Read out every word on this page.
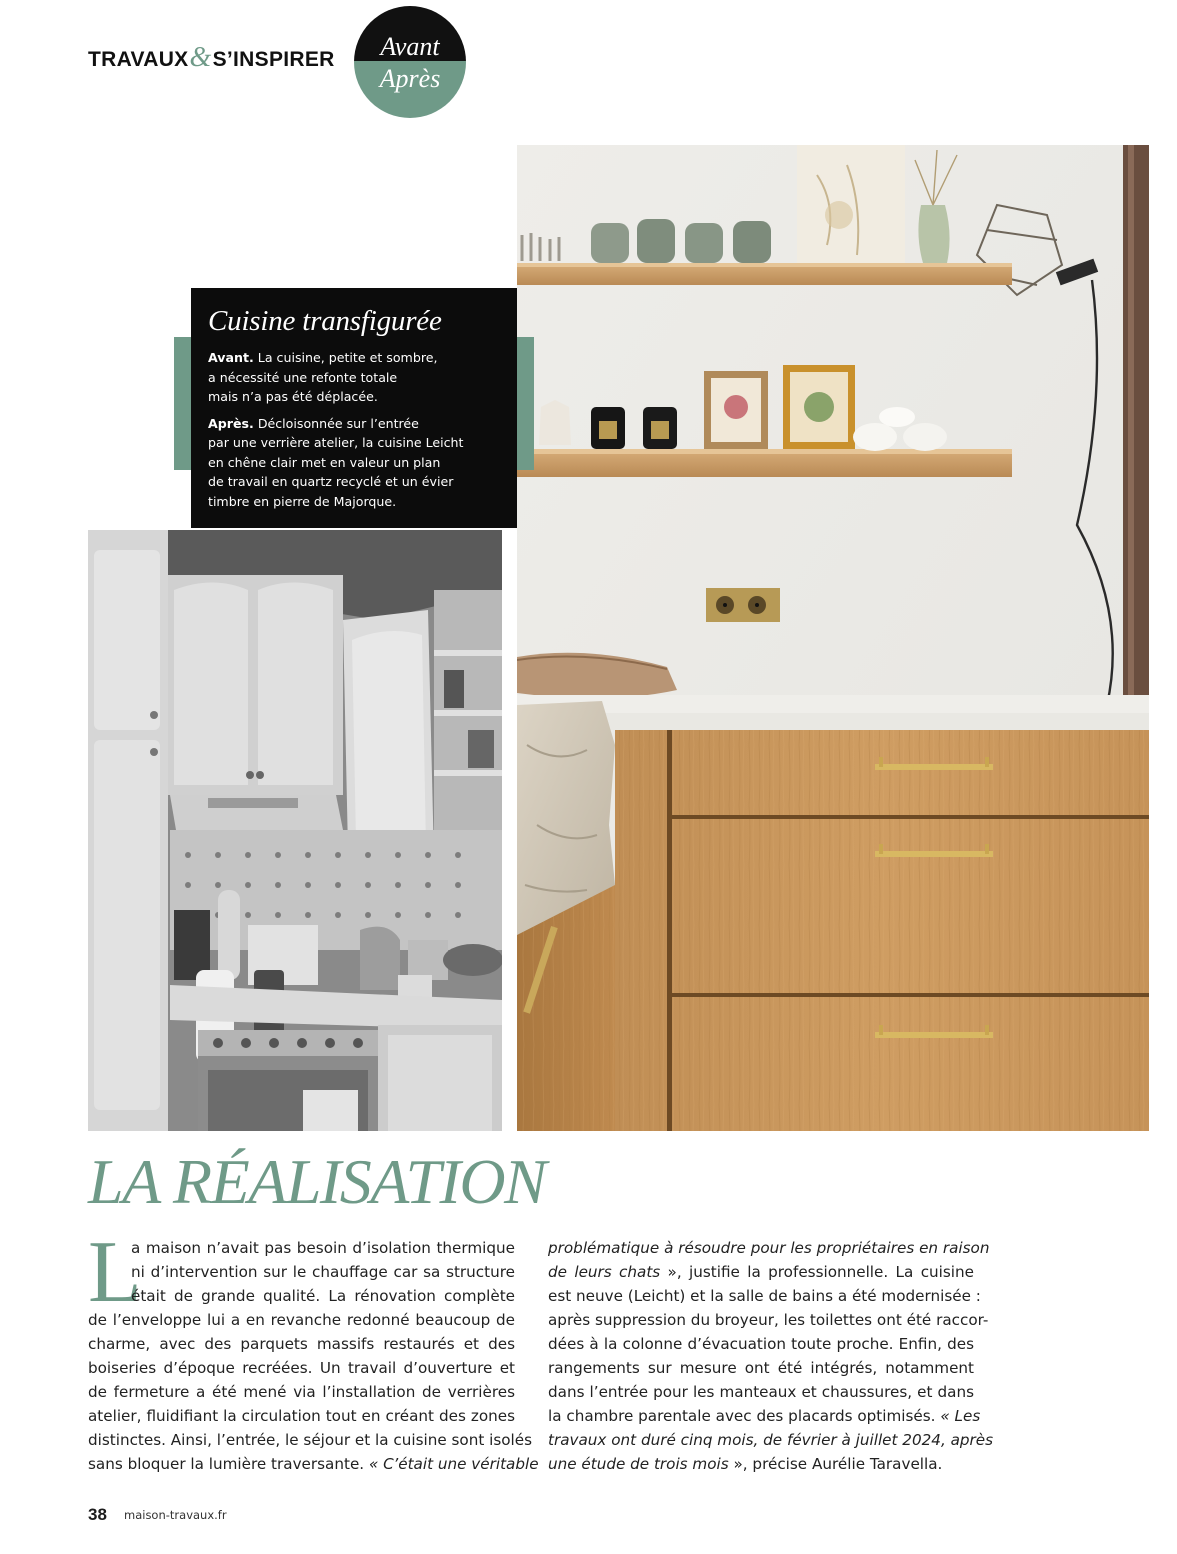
TRAVAUX&S’INSPIRER	Avant
Après
Cuisine transfigurée

Avant. La cuisine, petite et sombre,
a nécessité une refonte totale
mais n’a pas été déplacée.

Après. Décloisonnée sur l’entrée
par une verrière atelier, la cuisine Leicht
en chêne clair met en valeur un plan
de travail en quartz recyclé et un évier
timbre en pierre de Majorque.

LA RÉALISATION
L
a maison n’avait pas besoin d’isolation thermique
ni d’intervention sur le chauffage car sa structure
était de grande qualité. La rénovation complète
de l’enveloppe lui a en revanche redonné beaucoup de
charme, avec des parquets massifs restaurés et des
boiseries d’époque recréées. Un travail d’ouverture et
de fermeture a été mené via l’installation de verrières
atelier, fluidifiant la circulation tout en créant des zones
distinctes. Ainsi, l’entrée, le séjour et la cuisine sont isolés
sans bloquer la lumière traversante. « C’était une véritable
problématique à résoudre pour les propriétaires en raison
de leurs chats », justifie la professionnelle. La cuisine
est neuve (Leicht) et la salle de bains a été modernisée :
après suppression du broyeur, les toilettes ont été raccor-
dées à la colonne d’évacuation toute proche. Enfin, des
rangements sur mesure ont été intégrés, notamment
dans l’entrée pour les manteaux et chaussures, et dans
la chambre parentale avec des placards optimisés. « Les
travaux ont duré cinq mois, de février à juillet 2024, après
une étude de trois mois », précise Aurélie Taravella.
38 maison-travaux.fr
